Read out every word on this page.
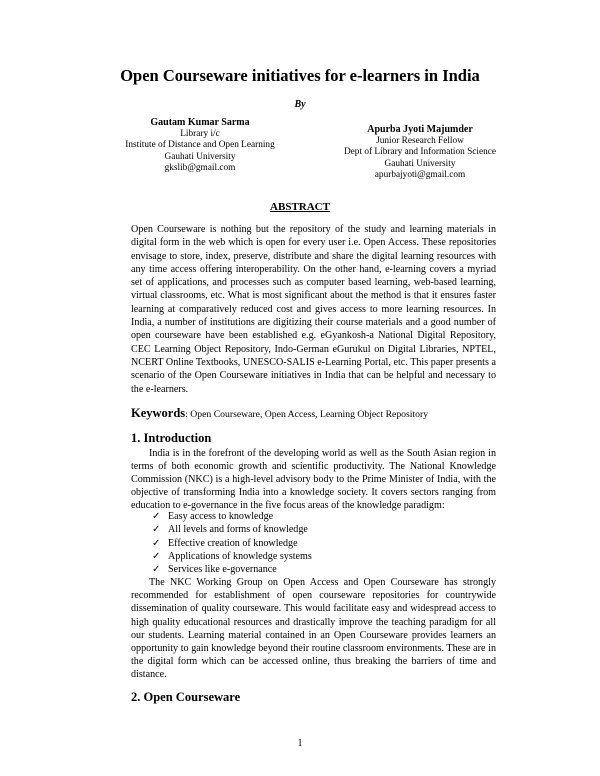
Open Courseware initiatives for e-learners in India
By
Gautam Kumar Sarma
Library i/c
Institute of Distance and Open Learning
Gauhati University
gkslib@gmail.com
Apurba Jyoti Majumder
Junior Research Fellow
Dept of Library and Information Science
Gauhati University
apurbajyoti@gmail.com
ABSTRACT

Open Courseware is nothing but the repository of the study and learning materials in digital form in the web which is open for every user i.e. Open Access. These repositories envisage to store, index, preserve, distribute and share the digital learning resources with any time access offering interoperability. On the other hand, e-learning covers a myriad set of applications, and processes such as computer based learning, web-based learning, virtual classrooms, etc. What is most significant about the method is that it ensures faster learning at comparatively reduced cost and gives access to more learning resources. In India, a number of institutions are digitizing their course materials and a good number of open courseware have been established e.g. eGyankosh-a National Digital Repository, CEC Learning Object Repository, Indo-German eGurukul on Digital Libraries, NPTEL, NCERT Online Textbooks, UNESCO-SALIS e-Learning Portal, etc. This paper presents a scenario of the Open Courseware initiatives in India that can be helpful and necessary to the e-learners.

Keywords: Open Courseware, Open Access, Learning Object Repository

1. Introduction

India is in the forefront of the developing world as well as the South Asian region in terms of both economic growth and scientific productivity. The National Knowledge Commission (NKC) is a high-level advisory body to the Prime Minister of India, with the objective of transforming India into a knowledge society. It covers sectors ranging from education to e-governance in the five focus areas of the knowledge paradigm:

✓ Easy access to knowledge
✓ All levels and forms of knowledge
✓ Effective creation of knowledge
✓ Applications of knowledge systems
✓ Services like e-governance

The NKC Working Group on Open Access and Open Courseware has strongly recommended for establishment of open courseware repositories for countrywide dissemination of quality courseware. This would facilitate easy and widespread access to high quality educational resources and drastically improve the teaching paradigm for all our students. Learning material contained in an Open Courseware provides learners an opportunity to gain knowledge beyond their routine classroom environments. These are in the digital form which can be accessed online, thus breaking the barriers of time and distance.

2. Open Courseware
1
